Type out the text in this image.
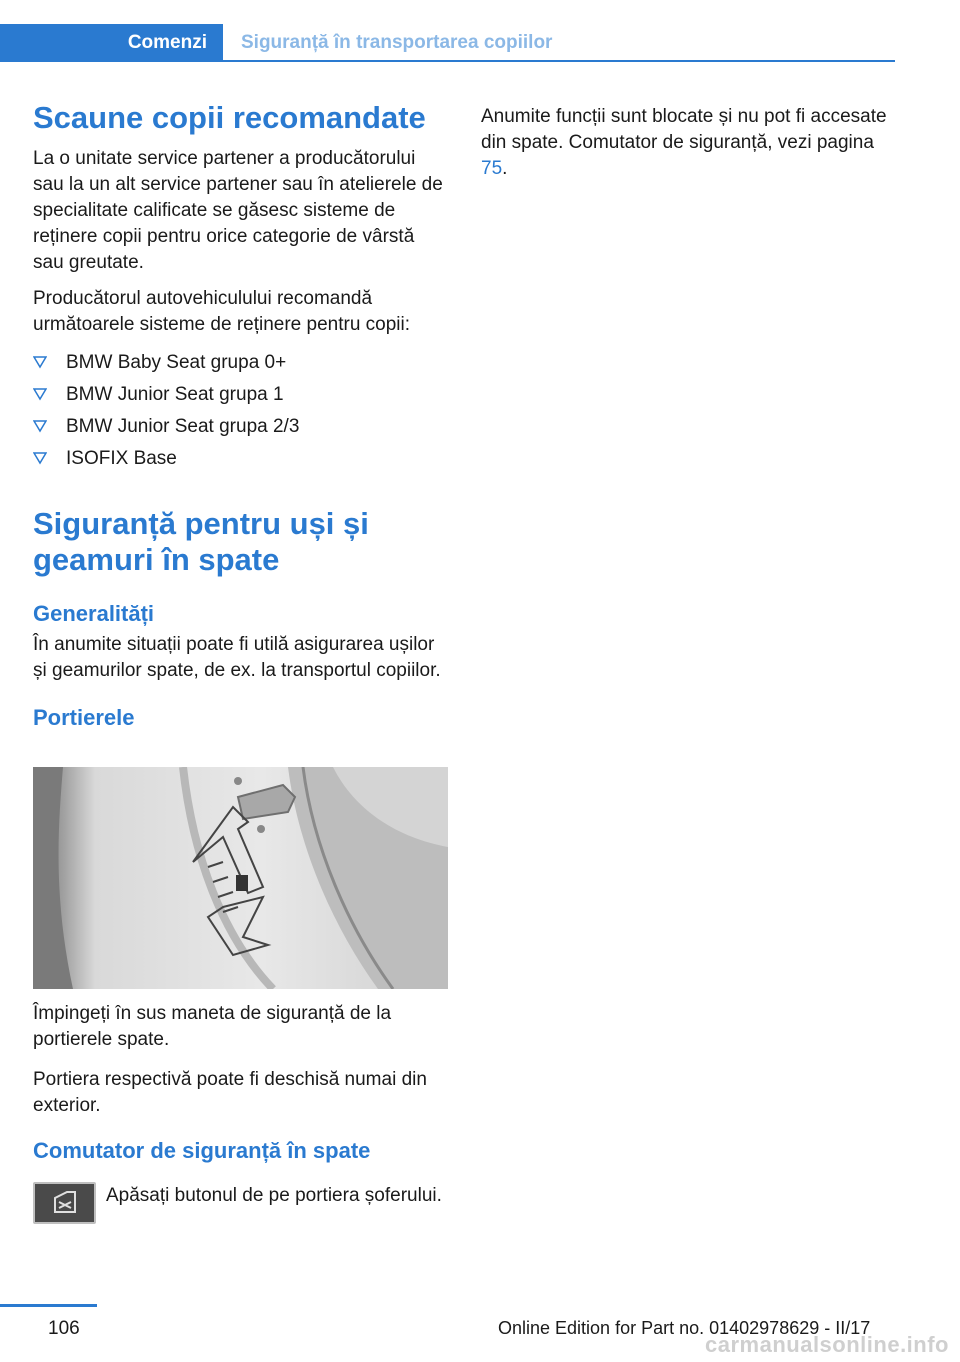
Comenzi	Siguranță în transportarea copiilor
Scaune copii recomandate

La o unitate service partener a producătorului sau la un alt service partener sau în atelierele de specialitate calificate se găsesc sisteme de reținere copii pentru orice categorie de vârstă sau greutate.

Producătorul autovehiculului recomandă următoarele sisteme de reținere pentru copii:

BMW Baby Seat grupa 0+
BMW Junior Seat grupa 1
BMW Junior Seat grupa 2/3
ISOFIX Base
Siguranță pentru uși și
geamuri în spate
Generalități

În anumite situații poate fi utilă asigurarea ușilor și geamurilor spate, de ex. la transportul copiilor.

Portierele

Împingeți în sus maneta de siguranță de la portierele spate.

Portiera respectivă poate fi deschisă numai din exterior.

Comutator de siguranță în spate

Apăsați butonul de pe portiera șoferului.

Anumite funcții sunt blocate și nu pot fi accesate din spate. Comutator de siguranță, vezi pagina 75.

106	Online Edition for Part no. 01402978629 - II/17
carmanualsonline.info
